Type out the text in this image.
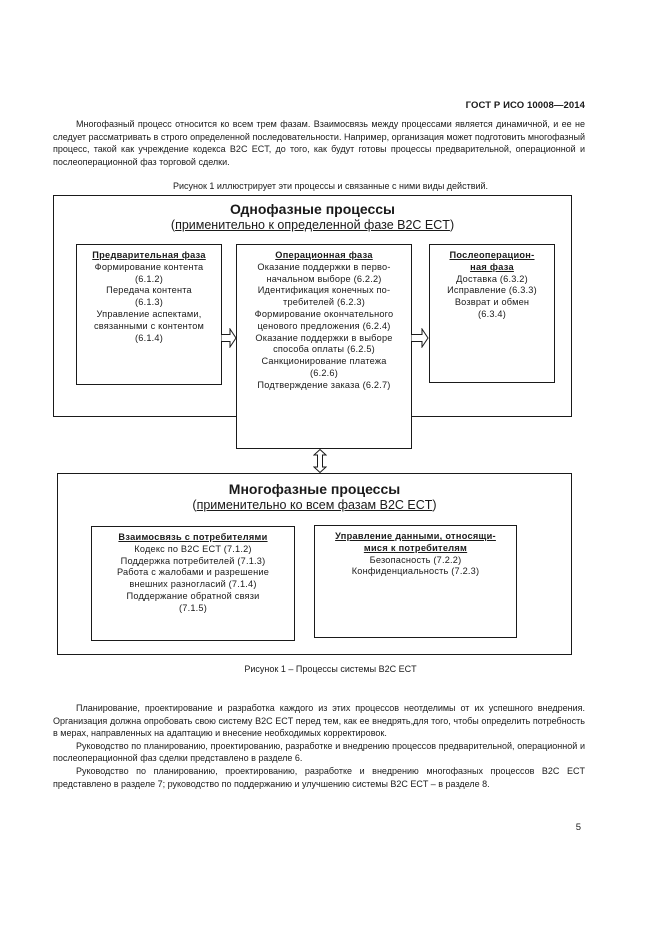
ГОСТ Р ИСО 10008—2014

Многофазный процесс относится ко всем трем фазам. Взаимосвязь между процессами является динамичной, и ее не следует рассматривать в строго определенной последовательности. Например, организация может подготовить многофазный процесс, такой как учреждение кодекса B2C ECT, до того, как будут готовы процессы предварительной, операционной и послеоперационной фаз торговой сделки.

Рисунок 1 иллюстрирует эти процессы и связанные с ними виды действий.
Однофазные процессы
(применительно к определенной фазе B2C ECT)
Предварительная фаза
Формирование контента
(6.1.2)
Передача контента
(6.1.3)
Управление аспектами,
связанными с контентом
(6.1.4)
Операционная фаза
Оказание поддержки в перво-
начальном выборе (6.2.2)
Идентификация конечных по-
требителей (6.2.3)
Формирование окончательного
ценового предложения (6.2.4)
Оказание поддержки в выборе
способа оплаты (6.2.5)
Санкционирование платежа
(6.2.6)
Подтверждение заказа (6.2.7)
Послеоперацион-
ная фаза
Доставка (6.3.2)
Исправление (6.3.3)
Возврат и обмен
(6.3.4)
Многофазные процессы
(применительно ко всем фазам B2C ECT)
Взаимосвязь с потребителями
Кодекс по B2C ECT (7.1.2)
Поддержка потребителей (7.1.3)
Работа с жалобами и разрешение
внешних разногласий (7.1.4)
Поддержание обратной связи
(7.1.5)
Управление данными, относящи-
мися к потребителям
Безопасность (7.2.2)
Конфиденциальность (7.2.3)
Рисунок 1 – Процессы системы B2C ECT

Планирование, проектирование и разработка каждого из этих процессов неотделимы от их успешного внедрения. Организация должна опробовать свою систему B2C ECT перед тем, как ее внедрять,для того, чтобы определить потребность в мерах, направленных на адаптацию и внесение необходимых корректировок.

Руководство по планированию, проектированию, разработке и внедрению процессов предварительной, операционной и послеоперационной фаз сделки представлено в разделе 6.

Руководство по планированию, проектированию, разработке и внедрению многофазных процессов B2C ECT представлено в разделе 7; руководство по поддержанию и улучшению системы B2C ECT – в разделе 8.

5
